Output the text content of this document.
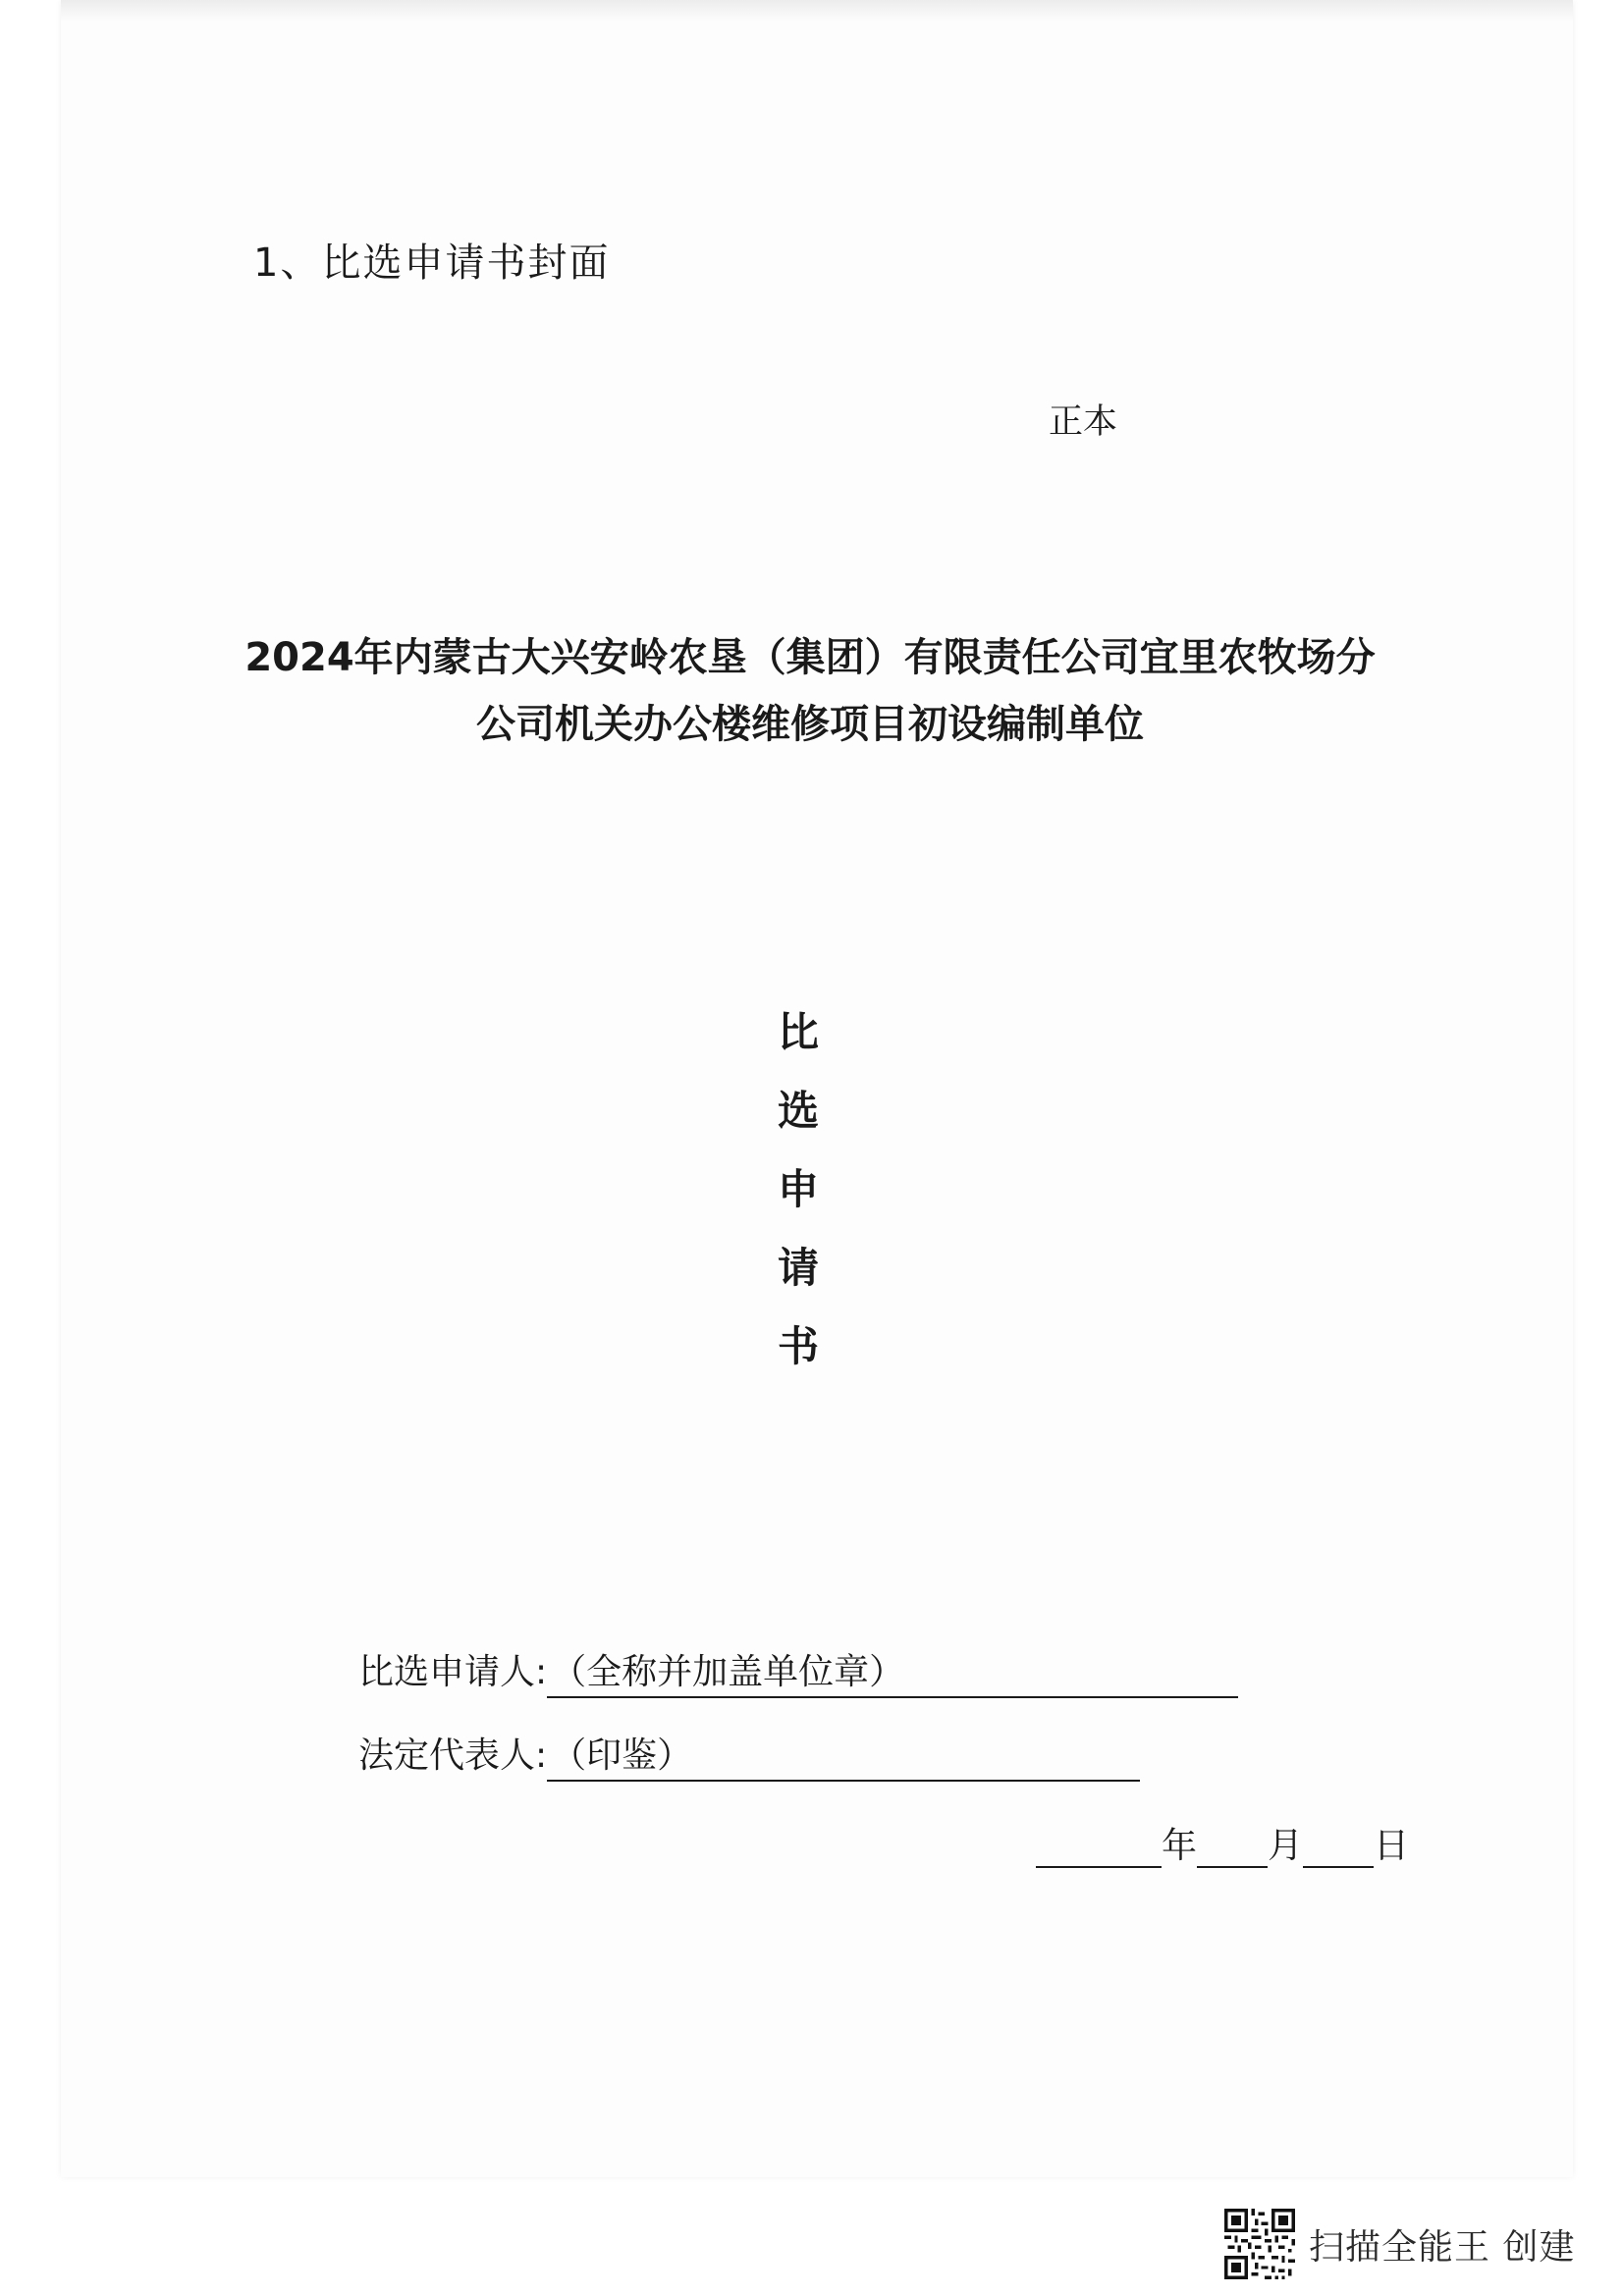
1、比选申请书封面
正本
2024年内蒙古大兴安岭农垦（集团）有限责任公司宜里农牧场分
公司机关办公楼维修项目初设编制单位
比
选
申
请
书
比选申请人: （全称并加盖单位章）
法定代表人: （印鉴）
年 月 日
扫描全能王 创建
